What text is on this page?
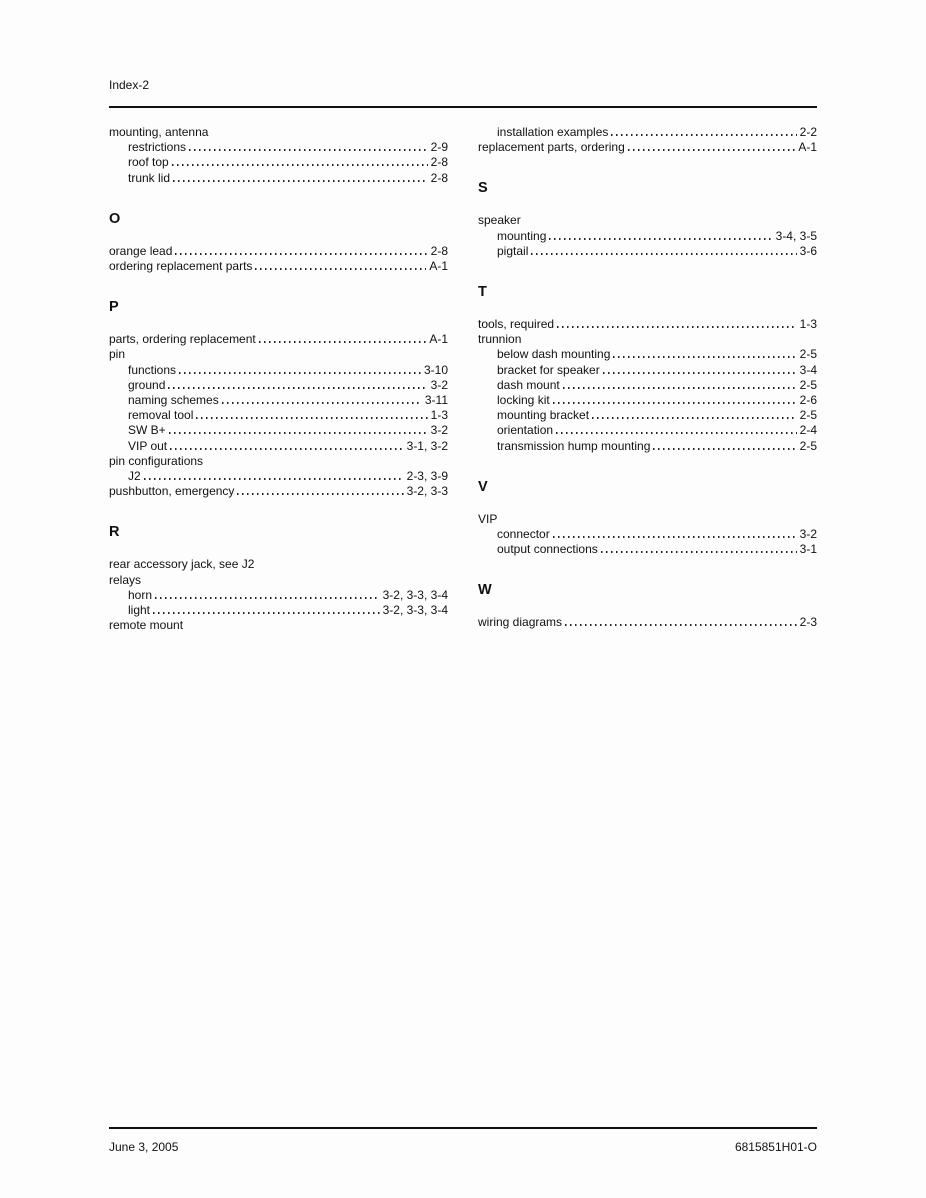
Index-2
mounting, antenna
restrictions	2-9
roof top	2-8
trunk lid	2-8
O
orange lead	2-8
ordering replacement parts	A-1
P
parts, ordering replacement	A-1
pin
functions	3-10
ground	3-2
naming schemes	3-11
removal tool	1-3
SW B+	3-2
VIP out	3-1, 3-2
pin configurations
J2	2-3, 3-9
pushbutton, emergency	3-2, 3-3
R
rear accessory jack, see J2
relays
horn	3-2, 3-3, 3-4
light	3-2, 3-3, 3-4
remote mount
installation examples	2-2
replacement parts, ordering	A-1
S
speaker
mounting	3-4, 3-5
pigtail	3-6
T
tools, required	1-3
trunnion
below dash mounting	2-5
bracket for speaker	3-4
dash mount	2-5
locking kit	2-6
mounting bracket	2-5
orientation	2-4
transmission hump mounting	2-5
V
VIP
connector	3-2
output connections	3-1
W
wiring diagrams	2-3
June 3, 2005	6815851H01-O
